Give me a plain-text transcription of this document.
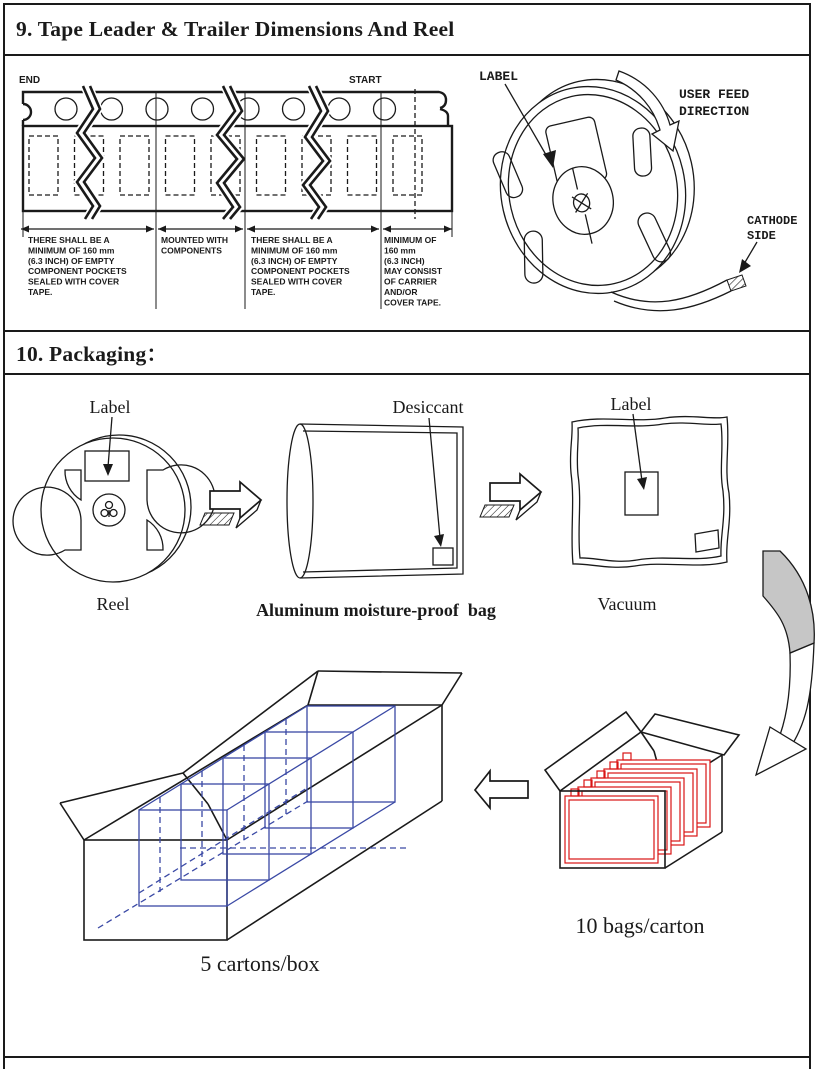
9. Tape Leader & Trailer Dimensions And Reel
END	START
THERE SHALL BE A MINIMUM OF 160 mm (6.3 INCH) OF EMPTY COMPONENT POCKETS SEALED WITH COVER TAPE.
MOUNTED WITH COMPONENTS
THERE SHALL BE A MINIMUM OF 160 mm (6.3 INCH) OF EMPTY COMPONENT POCKETS SEALED WITH COVER TAPE.
MINIMUM OF 160 mm (6.3 INCH) MAY CONSIST OF CARRIER AND/OR COVER TAPE.
LABEL
USER FEED DIRECTION
CATHODE SIDE
10. Packaging：
Label
Reel
Desiccant
Aluminum moisture-proof  bag
Label
Vacuum
5 cartons/box
10 bags/carton
